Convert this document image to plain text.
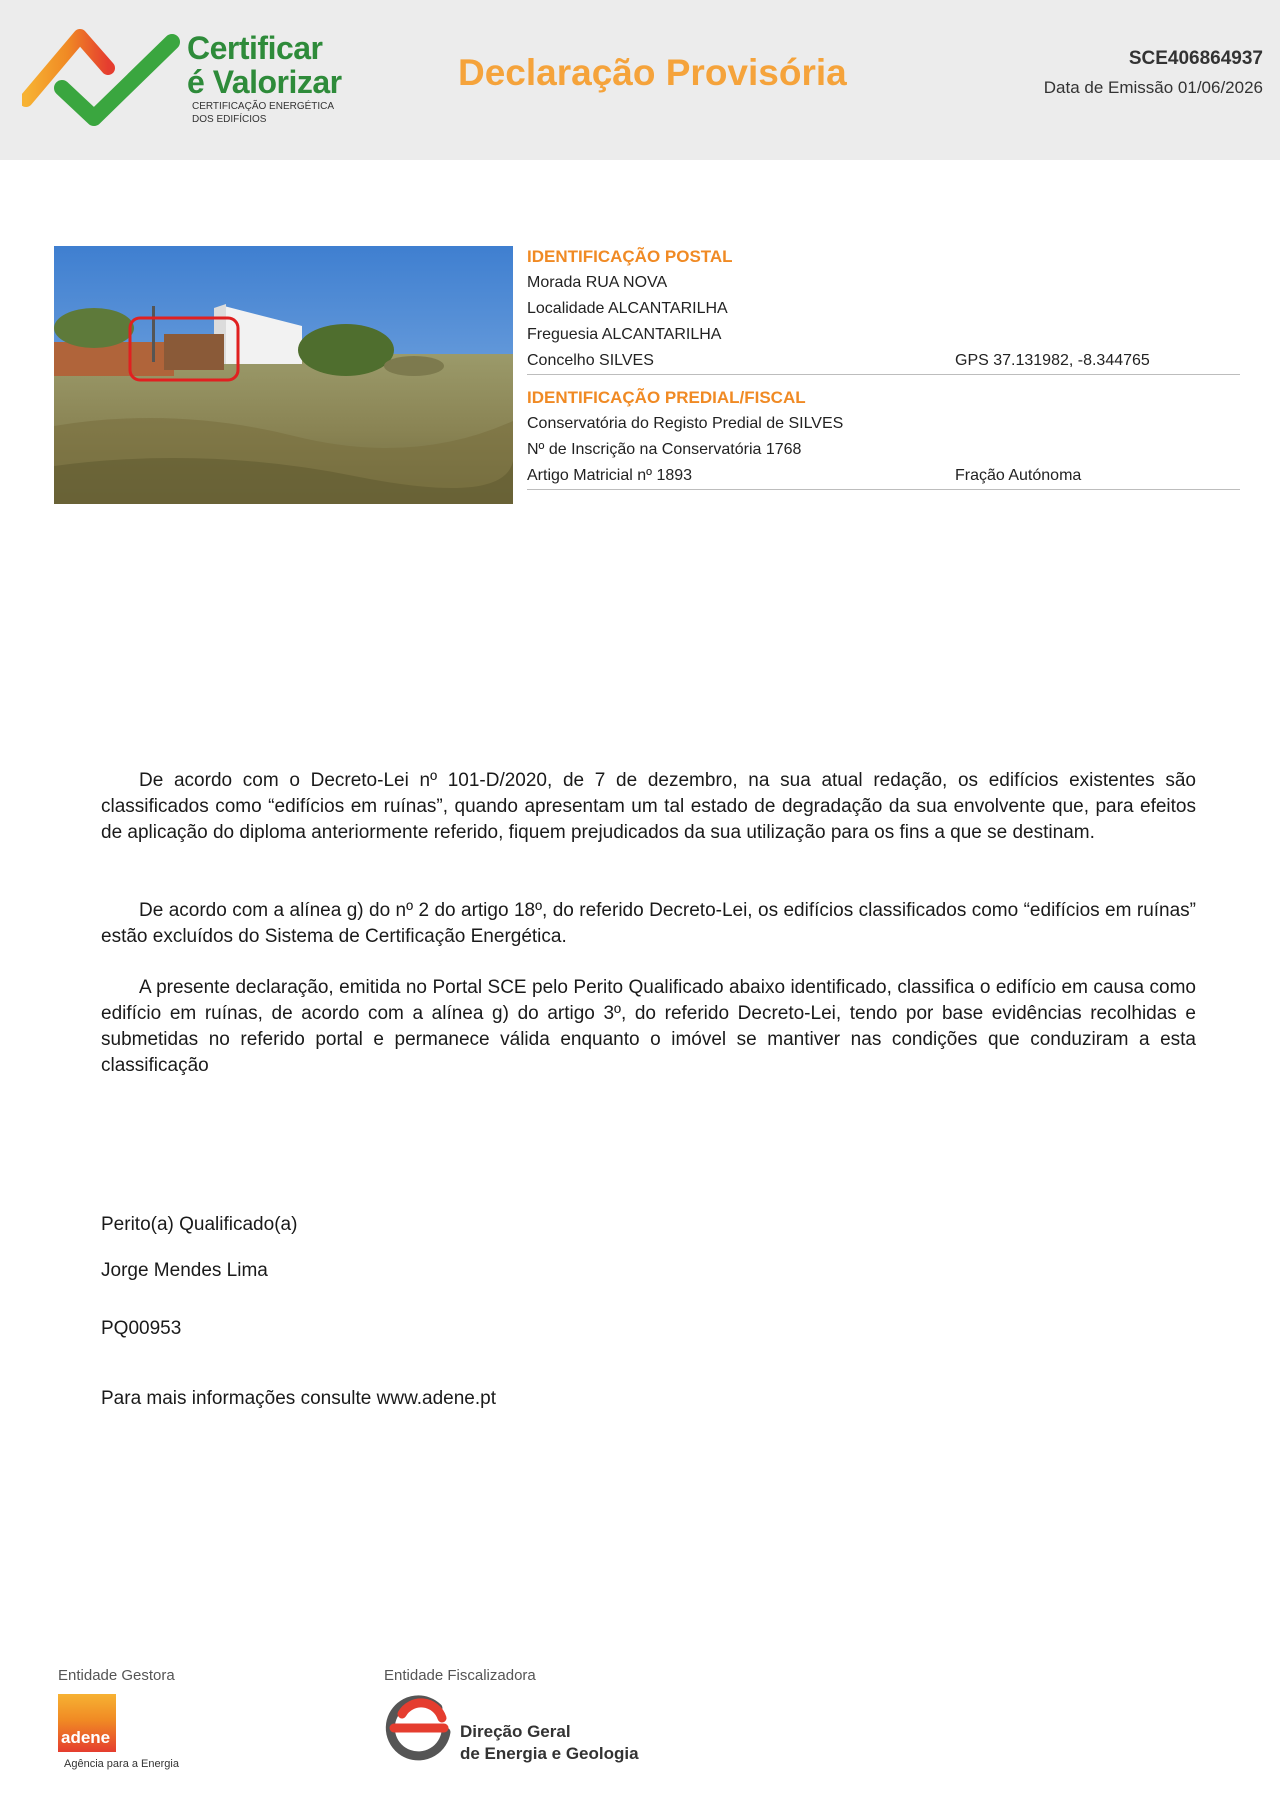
Certificar
é Valorizar
CERTIFICAÇÃO ENERGÉTICA
DOS EDIFÍCIOS
Declaração Provisória	SCE406864937
Data de Emissão 01/06/2026
IDENTIFICAÇÃO POSTAL
Morada RUA NOVA
Localidade ALCANTARILHA
Freguesia ALCANTARILHA
Concelho SILVES	GPS 37.131982, -8.344765
IDENTIFICAÇÃO PREDIAL/FISCAL
Conservatória do Registo Predial de SILVES
Nº de Inscrição na Conservatória 1768
Artigo Matricial nº 1893	Fração Autónoma
De acordo com o Decreto-Lei nº 101-D/2020, de 7 de dezembro, na sua atual redação, os edifícios existentes são classificados como “edifícios em ruínas”, quando apresentam um tal estado de degradação da sua envolvente que, para efeitos de aplicação do diploma anteriormente referido, fiquem prejudicados da sua utilização para os fins a que se destinam.
De acordo com a alínea g) do nº 2 do artigo 18º, do referido Decreto-Lei, os edifícios classificados como “edifícios em ruínas” estão excluídos do Sistema de Certificação Energética.
A presente declaração, emitida no Portal SCE pelo Perito Qualificado abaixo identificado, classifica o edifício em causa como edifício em ruínas, de acordo com a alínea g) do artigo 3º, do referido Decreto-Lei, tendo por base evidências recolhidas e submetidas no referido portal e permanece válida enquanto o imóvel se mantiver nas condições que conduziram a esta classificação
Perito(a) Qualificado(a)
Jorge Mendes Lima
PQ00953
Para mais informações consulte www.adene.pt
Entidade Gestora	Entidade Fiscalizadora
adene
Agência para a Energia
Direção Geral
de Energia e Geologia
